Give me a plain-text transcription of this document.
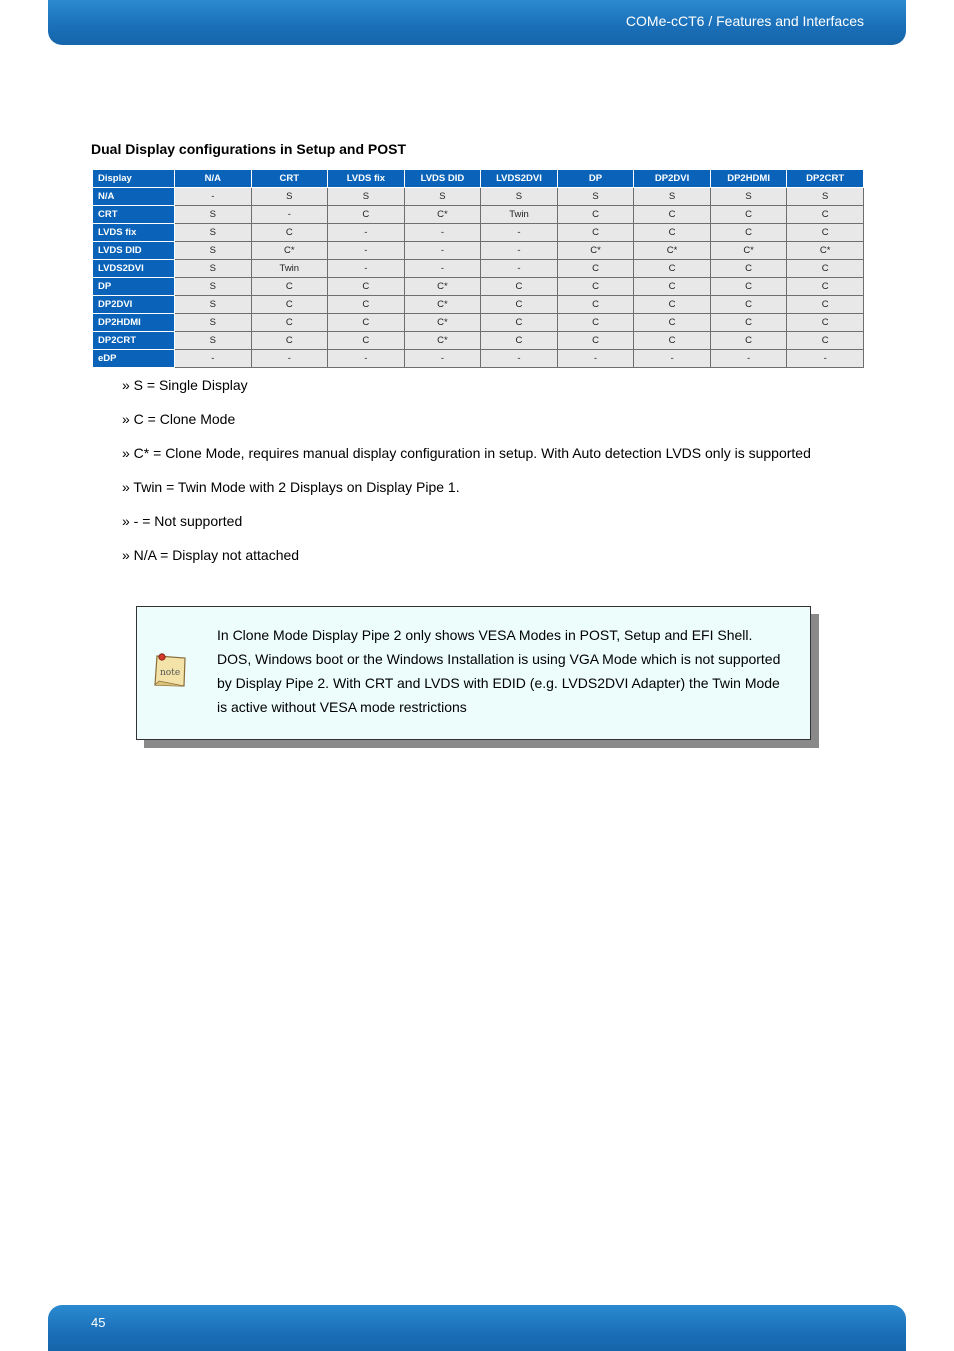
COMe-cCT6 / Features and Interfaces
Dual Display configurations in Setup and POST
Display	N/A	CRT	LVDS fix	LVDS DID	LVDS2DVI	DP	DP2DVI	DP2HDMI	DP2CRT
N/A	-	S	S	S	S	S	S	S	S
CRT	S	-	C	C*	Twin	C	C	C	C
LVDS fix	S	C	-	-	-	C	C	C	C
LVDS DID	S	C*	-	-	-	C*	C*	C*	C*
LVDS2DVI	S	Twin	-	-	-	C	C	C	C
DP	S	C	C	C*	C	C	C	C	C
DP2DVI	S	C	C	C*	C	C	C	C	C
DP2HDMI	S	C	C	C*	C	C	C	C	C
DP2CRT	S	C	C	C*	C	C	C	C	C
eDP	-	-	-	-	-	-	-	-	-
» S = Single Display
» C = Clone Mode
» C* = Clone Mode, requires manual display configuration in setup. With Auto detection LVDS only is supported
» Twin = Twin Mode with 2 Displays on Display Pipe 1.
» - = Not supported
» N/A = Display not attached
note
In Clone Mode Display Pipe 2 only shows VESA Modes in POST, Setup and EFI Shell. DOS, Windows boot or the Windows Installation is using VGA Mode which is not supported by Display Pipe 2. With CRT and LVDS with EDID (e.g. LVDS2DVI Adapter) the Twin Mode is active without VESA mode restrictions
45
